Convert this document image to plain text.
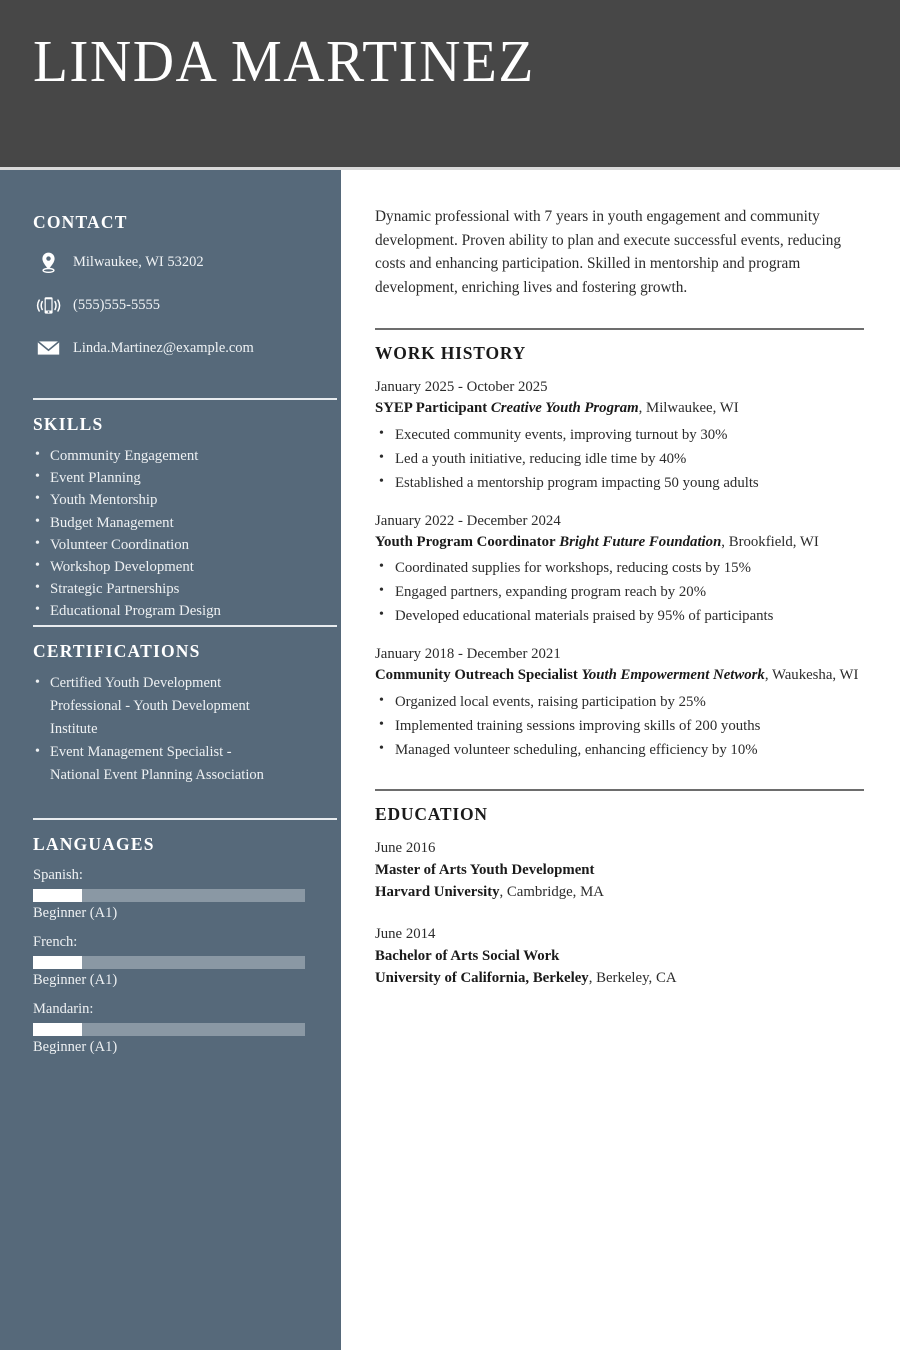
LINDA MARTINEZ
CONTACT
Milwaukee, WI 53202
(555)555-5555
Linda.Martinez@example.com
SKILLS
• Community Engagement
• Event Planning
• Youth Mentorship
• Budget Management
• Volunteer Coordination
• Workshop Development
• Strategic Partnerships
• Educational Program Design
CERTIFICATIONS
• Certified Youth Development Professional - Youth Development Institute
• Event Management Specialist - National Event Planning Association
LANGUAGES
Spanish:
Beginner (A1)
French:
Beginner (A1)
Mandarin:
Beginner (A1)
Dynamic professional with 7 years in youth engagement and community development. Proven ability to plan and execute successful events, reducing costs and enhancing participation. Skilled in mentorship and program development, enriching lives and fostering growth.
WORK HISTORY
January 2025 - October 2025
SYEP Participant Creative Youth Program, Milwaukee, WI
• Executed community events, improving turnout by 30%
• Led a youth initiative, reducing idle time by 40%
• Established a mentorship program impacting 50 young adults
January 2022 - December 2024
Youth Program Coordinator Bright Future Foundation, Brookfield, WI
• Coordinated supplies for workshops, reducing costs by 15%
• Engaged partners, expanding program reach by 20%
• Developed educational materials praised by 95% of participants
January 2018 - December 2021
Community Outreach Specialist Youth Empowerment Network, Waukesha, WI
• Organized local events, raising participation by 25%
• Implemented training sessions improving skills of 200 youths
• Managed volunteer scheduling, enhancing efficiency by 10%
EDUCATION
June 2016
Master of Arts Youth Development
Harvard University, Cambridge, MA
June 2014
Bachelor of Arts Social Work
University of California, Berkeley, Berkeley, CA
